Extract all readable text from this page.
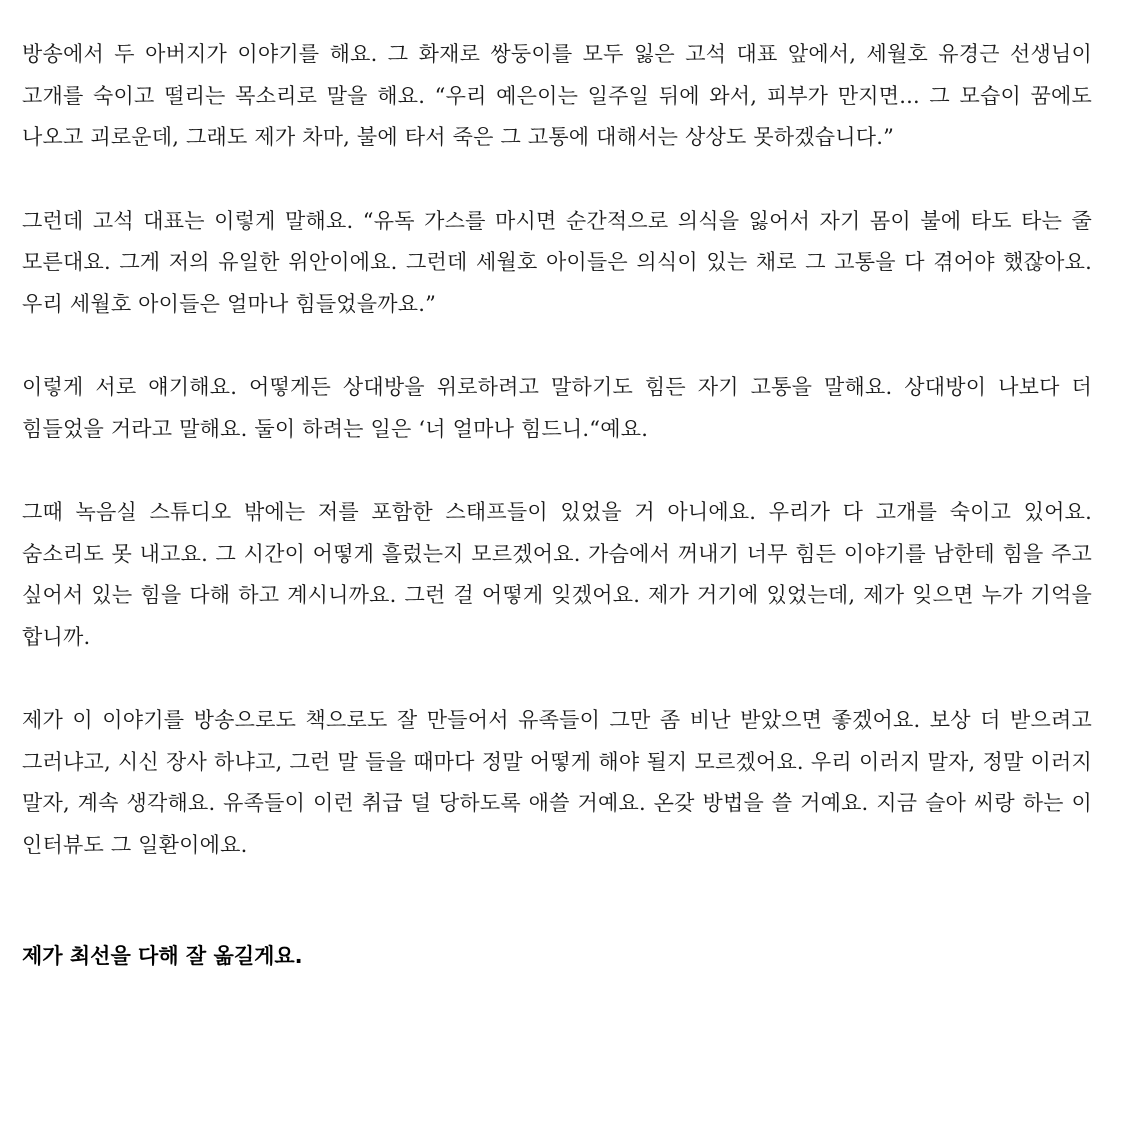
방송에서 두 아버지가 이야기를 해요. 그 화재로 쌍둥이를 모두 잃은 고석 대표 앞에서, 세월호 유경근 선생님이 고개를 숙이고 떨리는 목소리로 말을 해요. “우리 예은이는 일주일 뒤에 와서, 피부가 만지면... 그 모습이 꿈에도 나오고 괴로운데, 그래도 제가 차마, 불에 타서 죽은 그 고통에 대해서는 상상도 못하겠습니다.”

그런데 고석 대표는 이렇게 말해요. “유독 가스를 마시면 순간적으로 의식을 잃어서 자기 몸이 불에 타도 타는 줄 모른대요. 그게 저의 유일한 위안이에요. 그런데 세월호 아이들은 의식이 있는 채로 그 고통을 다 겪어야 했잖아요. 우리 세월호 아이들은 얼마나 힘들었을까요.”

이렇게 서로 얘기해요. 어떻게든 상대방을 위로하려고 말하기도 힘든 자기 고통을 말해요. 상대방이 나보다 더 힘들었을 거라고 말해요. 둘이 하려는 일은 ‘너 얼마나 힘드니.“예요.

그때 녹음실 스튜디오 밖에는 저를 포함한 스태프들이 있었을 거 아니에요. 우리가 다 고개를 숙이고 있어요. 숨소리도 못 내고요. 그 시간이 어떻게 흘렀는지 모르겠어요. 가슴에서 꺼내기 너무 힘든 이야기를 남한테 힘을 주고 싶어서 있는 힘을 다해 하고 계시니까요. 그런 걸 어떻게 잊겠어요. 제가 거기에 있었는데, 제가 잊으면 누가 기억을 합니까.

제가 이 이야기를 방송으로도 책으로도 잘 만들어서 유족들이 그만 좀 비난 받았으면 좋겠어요. 보상 더 받으려고 그러냐고, 시신 장사 하냐고, 그런 말 들을 때마다 정말 어떻게 해야 될지 모르겠어요. 우리 이러지 말자, 정말 이러지 말자, 계속 생각해요. 유족들이 이런 취급 덜 당하도록 애쓸 거예요. 온갖 방법을 쓸 거예요. 지금 슬아 씨랑 하는 이 인터뷰도 그 일환이에요.

제가 최선을 다해 잘 옮길게요.
